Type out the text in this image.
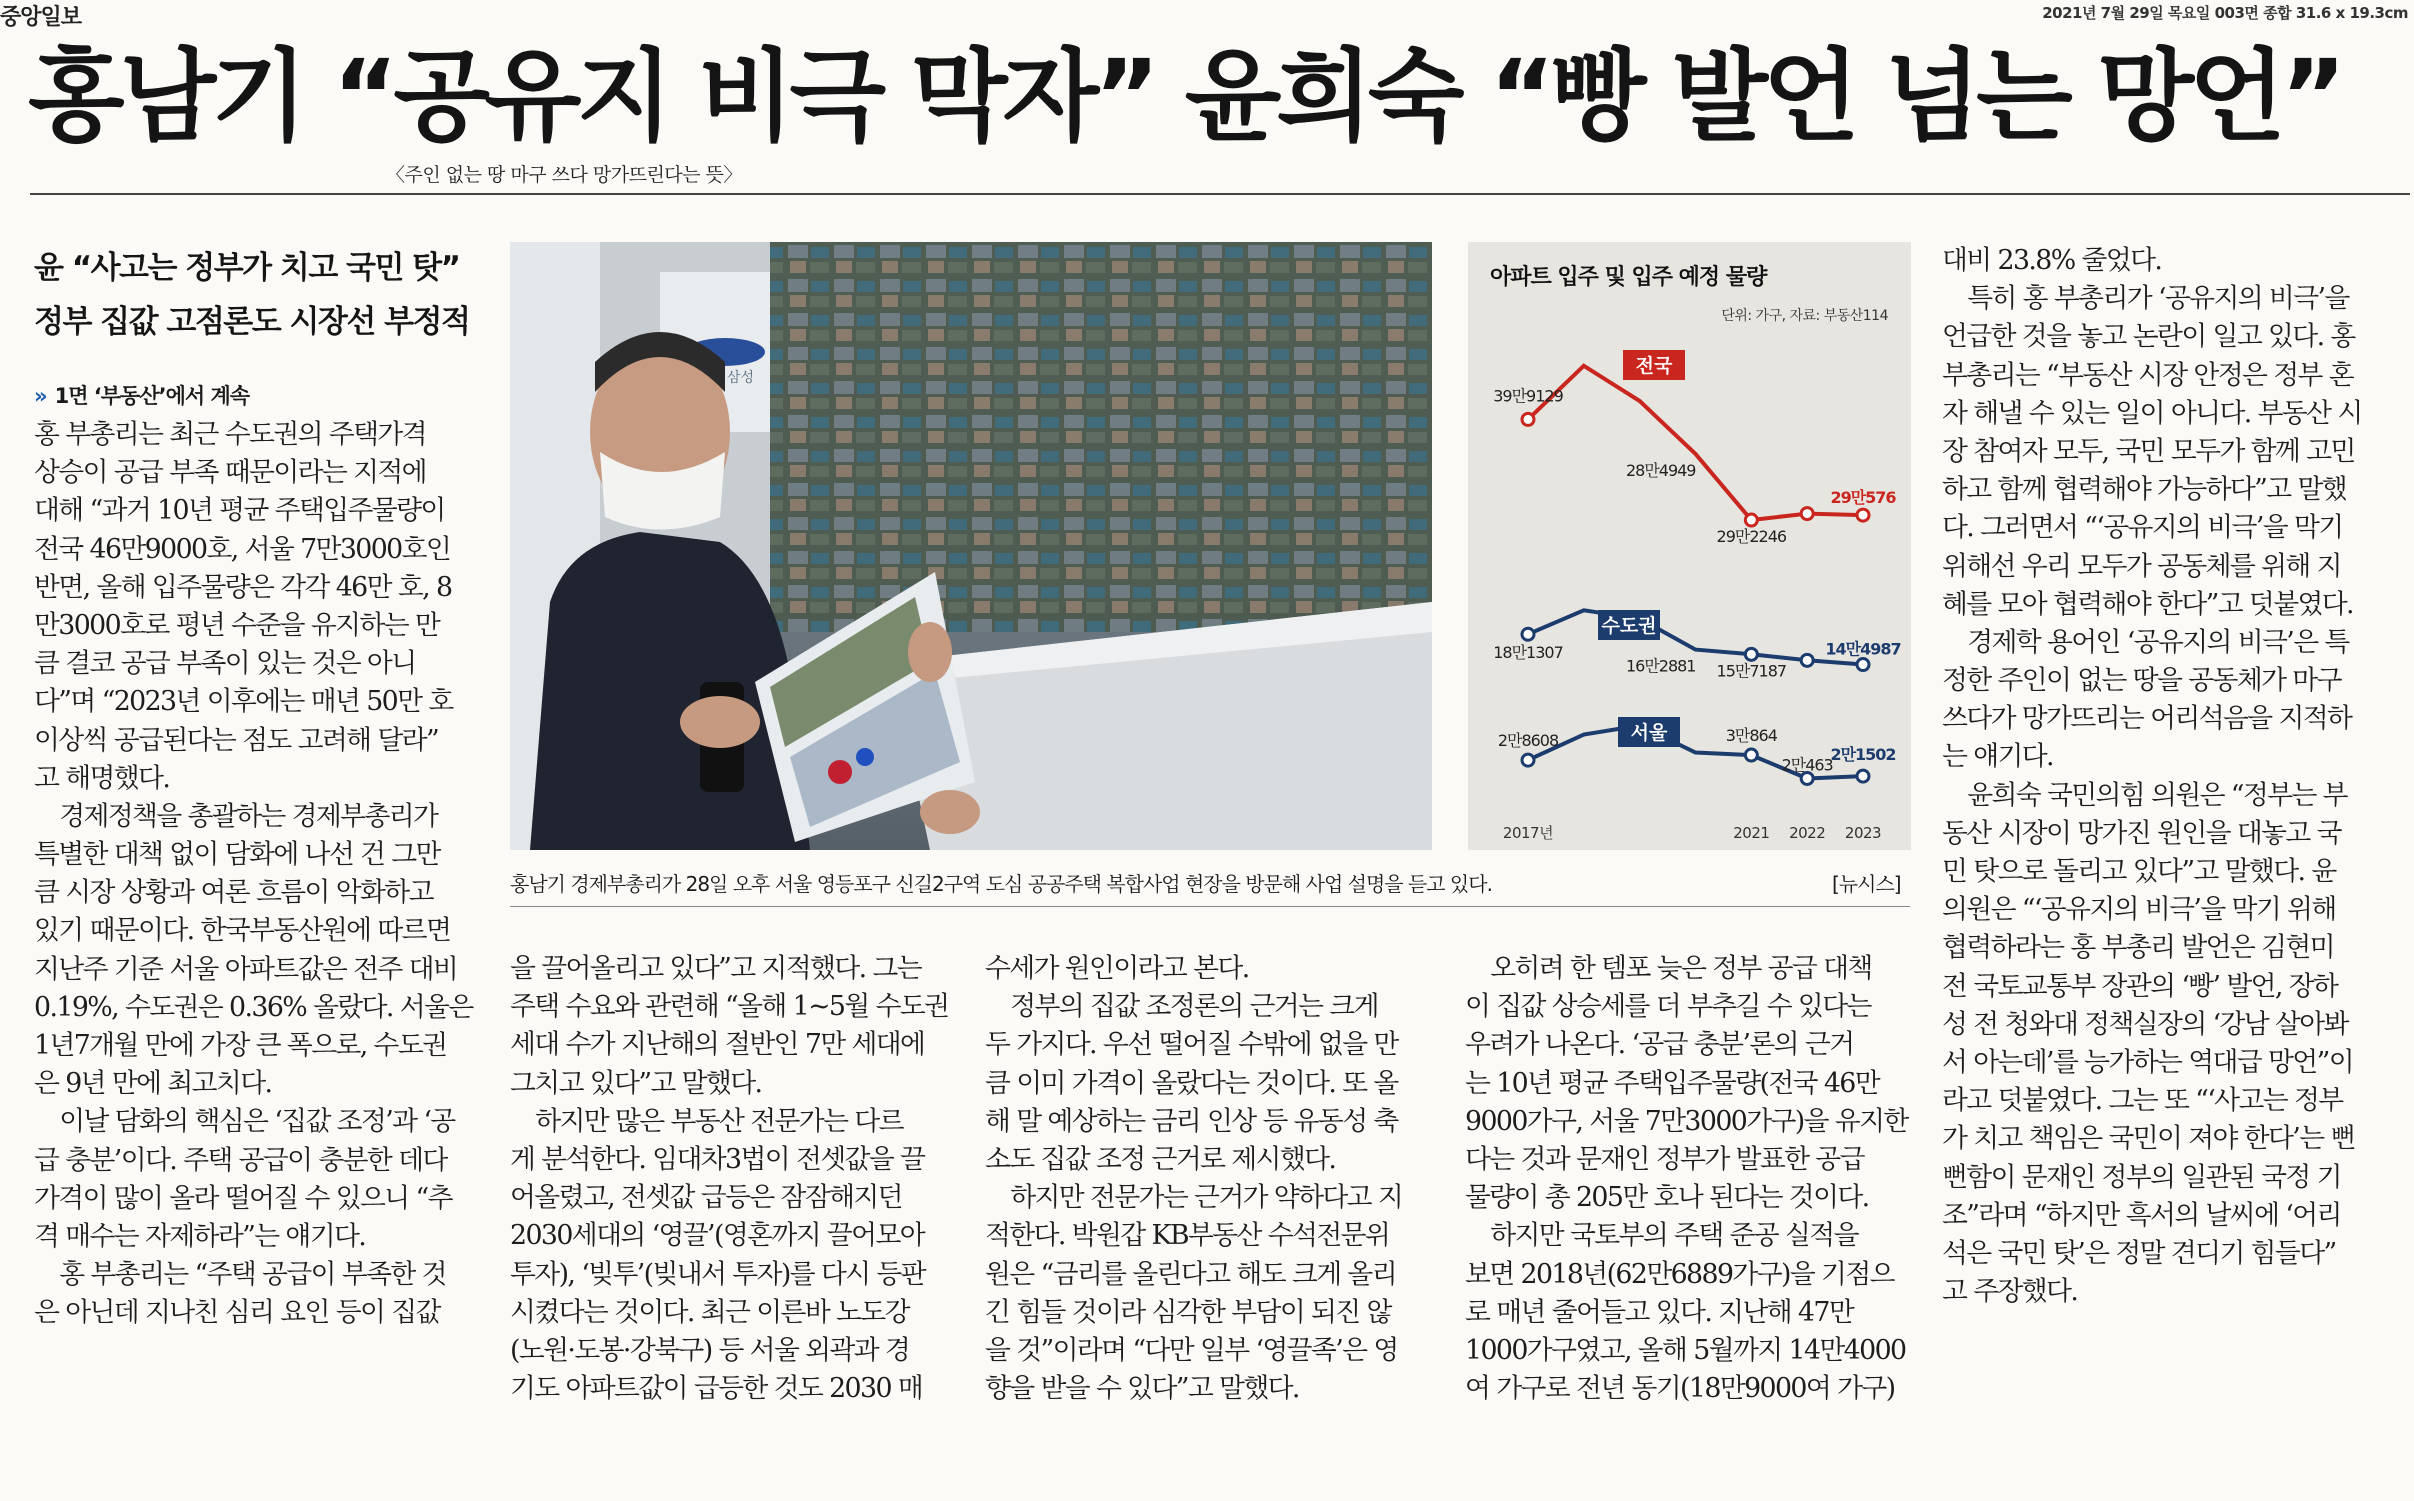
중앙일보	2021년 7월 29일 목요일 003면 종합 31.6 x 19.3cm
홍남기 “공유지 비극 막자” 윤희숙 “빵 발언 넘는 망언”
〈주인 없는 땅 마구 쓰다 망가뜨린다는 뜻〉
윤 “사고는 정부가 치고 국민 탓”
정부 집값 고점론도 시장선 부정적
» 1면 ‘부동산’에서 계속
홍 부총리는 최근 수도권의 주택가격
상승이 공급 부족 때문이라는 지적에
대해 “과거 10년 평균 주택입주물량이
전국 46만9000호, 서울 7만3000호인
반면, 올해 입주물량은 각각 46만 호, 8
만3000호로 평년 수준을 유지하는 만
큼 결코 공급 부족이 있는 것은 아니
다”며 “2023년 이후에는 매년 50만 호
이상씩 공급된다는 점도 고려해 달라”
고 해명했다.
　경제정책을 총괄하는 경제부총리가
특별한 대책 없이 담화에 나선 건 그만
큼 시장 상황과 여론 흐름이 악화하고
있기 때문이다. 한국부동산원에 따르면
지난주 기준 서울 아파트값은 전주 대비
0.19%, 수도권은 0.36% 올랐다. 서울은
1년7개월 만에 가장 큰 폭으로, 수도권
은 9년 만에 최고치다.
　이날 담화의 핵심은 ‘집값 조정’과 ‘공
급 충분’이다. 주택 공급이 충분한 데다
가격이 많이 올라 떨어질 수 있으니 “추
격 매수는 자제하라”는 얘기다.
　홍 부총리는 “주택 공급이 부족한 것
은 아닌데 지나친 심리 요인 등이 집값
을 끌어올리고 있다”고 지적했다. 그는
주택 수요와 관련해 “올해 1~5월 수도권
세대 수가 지난해의 절반인 7만 세대에
그치고 있다”고 말했다.
　하지만 많은 부동산 전문가는 다르
게 분석한다. 임대차3법이 전셋값을 끌
어올렸고, 전셋값 급등은 잠잠해지던
2030세대의 ‘영끌’(영혼까지 끌어모아
투자), ‘빚투’(빚내서 투자)를 다시 등판
시켰다는 것이다. 최근 이른바 노도강
(노원·도봉·강북구) 등 서울 외곽과 경
기도 아파트값이 급등한 것도 2030 매
수세가 원인이라고 본다.
　정부의 집값 조정론의 근거는 크게
두 가지다. 우선 떨어질 수밖에 없을 만
큼 이미 가격이 올랐다는 것이다. 또 올
해 말 예상하는 금리 인상 등 유동성 축
소도 집값 조정 근거로 제시했다.
　하지만 전문가는 근거가 약하다고 지
적한다. 박원갑 KB부동산 수석전문위
원은 “금리를 올린다고 해도 크게 올리
긴 힘들 것이라 심각한 부담이 되진 않
을 것”이라며 “다만 일부 ‘영끌족’은 영
향을 받을 수 있다”고 말했다.
　오히려 한 템포 늦은 정부 공급 대책
이 집값 상승세를 더 부추길 수 있다는
우려가 나온다. ‘공급 충분’론의 근거
는 10년 평균 주택입주물량(전국 46만
9000가구, 서울 7만3000가구)을 유지한
다는 것과 문재인 정부가 발표한 공급
물량이 총 205만 호나 된다는 것이다.
　하지만 국토부의 주택 준공 실적을
보면 2018년(62만6889가구)을 기점으
로 매년 줄어들고 있다. 지난해 47만
1000가구였고, 올해 5월까지 14만4000
여 가구로 전년 동기(18만9000여 가구)
대비 23.8% 줄었다.
　특히 홍 부총리가 ‘공유지의 비극’을
언급한 것을 놓고 논란이 일고 있다. 홍
부총리는 “부동산 시장 안정은 정부 혼
자 해낼 수 있는 일이 아니다. 부동산 시
장 참여자 모두, 국민 모두가 함께 고민
하고 함께 협력해야 가능하다”고 말했
다. 그러면서 “‘공유지의 비극’을 막기
위해선 우리 모두가 공동체를 위해 지
혜를 모아 협력해야 한다”고 덧붙였다.
　경제학 용어인 ‘공유지의 비극’은 특
정한 주인이 없는 땅을 공동체가 마구
쓰다가 망가뜨리는 어리석음을 지적하
는 얘기다.
　윤희숙 국민의힘 의원은 “정부는 부
동산 시장이 망가진 원인을 대놓고 국
민 탓으로 돌리고 있다”고 말했다. 윤
의원은 “‘공유지의 비극’을 막기 위해
협력하라는 홍 부총리 발언은 김현미
전 국토교통부 장관의 ‘빵’ 발언, 장하
성 전 청와대 정책실장의 ‘강남 살아봐
서 아는데’를 능가하는 역대급 망언”이
라고 덧붙였다. 그는 또 “‘사고는 정부
가 치고 책임은 국민이 져야 한다’는 뻔
뻔함이 문재인 정부의 일관된 국정 기
조”라며 “하지만 흑서의 날씨에 ‘어리
석은 국민 탓’은 정말 견디기 힘들다”
고 주장했다.
삼성
아파트 입주 및 입주 예정 물량
단위: 가구, 자료: 부동산114
39만9129
28만4949
29만2246
29만576
전국
18만1307
16만2881 15만7187
14만4987
수도권
2만8608	3만864
2만463
2만1502
서울
2017년	2021 2022 2023
홍남기 경제부총리가 28일 오후 서울 영등포구 신길2구역 도심 공공주택 복합사업 현장을 방문해 사업 설명을 듣고 있다.	[뉴시스]
